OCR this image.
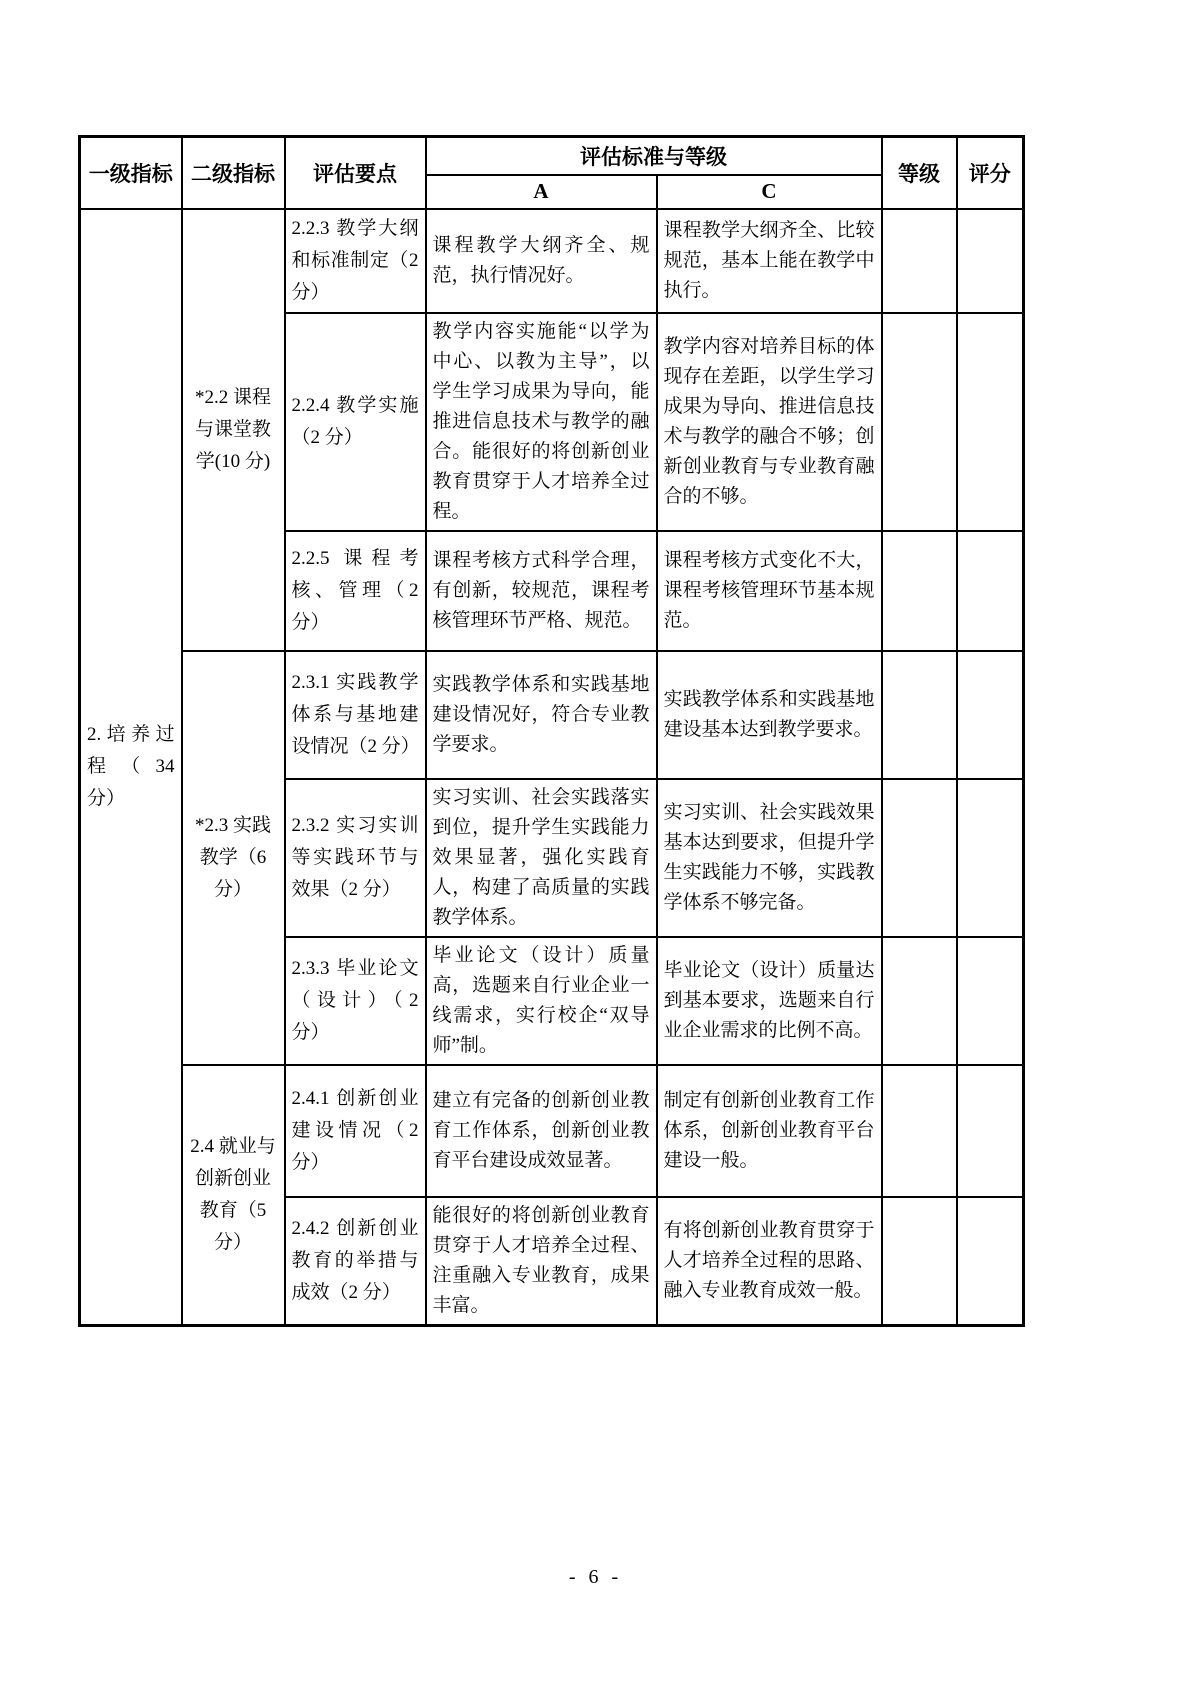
一级指标	二级指标	评估要点	评估标准与等级		等级	评分
			A	C		
2.培养过程 （ 34 分）	*2.2 课程与课堂教学(10 分)	2.2.3 教学大纲和标准制定（2 分）	课程教学大纲齐全、规范，执行情况好。	课程教学大纲齐全、比较规范，基本上能在教学中执行。		
		2.2.4 教学实施（2 分）	教学内容实施能“以学为中心、以教为主导”，以学生学习成果为导向，能推进信息技术与教学的融合。能很好的将创新创业教育贯穿于人才培养全过程。	教学内容对培养目标的体现存在差距，以学生学习成果为导向、推进信息技术与教学的融合不够；创新创业教育与专业教育融合的不够。		
		2.2.5 课程考核、管理（2 分）	课程考核方式科学合理，有创新，较规范，课程考核管理环节严格、规范。	课程考核方式变化不大，课程考核管理环节基本规范。		
	*2.3 实践教学（6 分）	2.3.1 实践教学体系与基地建设情况（2 分）	实践教学体系和实践基地建设情况好，符合专业教学要求。	实践教学体系和实践基地建设基本达到教学要求。		
		2.3.2 实习实训等实践环节与效果（2 分）	实习实训、社会实践落实到位，提升学生实践能力效果显著，强化实践育人，构建了高质量的实践教学体系。	实习实训、社会实践效果基本达到要求，但提升学生实践能力不够，实践教学体系不够完备。		
		2.3.3 毕业论文（设计）（2 分）	毕业论文（设计）质量高，选题来自行业企业一线需求，实行校企“双导师”制。	毕业论文（设计）质量达到基本要求，选题来自行业企业需求的比例不高。		
	2.4 就业与创新创业教育（5 分）	2.4.1 创新创业建设情况（2 分）	建立有完备的创新创业教育工作体系，创新创业教育平台建设成效显著。	制定有创新创业教育工作体系，创新创业教育平台建设一般。		
		2.4.2 创新创业教育的举措与成效（2 分）	能很好的将创新创业教育贯穿于人才培养全过程、注重融入专业教育，成果丰富。	有将创新创业教育贯穿于人才培养全过程的思路、融入专业教育成效一般。		
- 6 -
